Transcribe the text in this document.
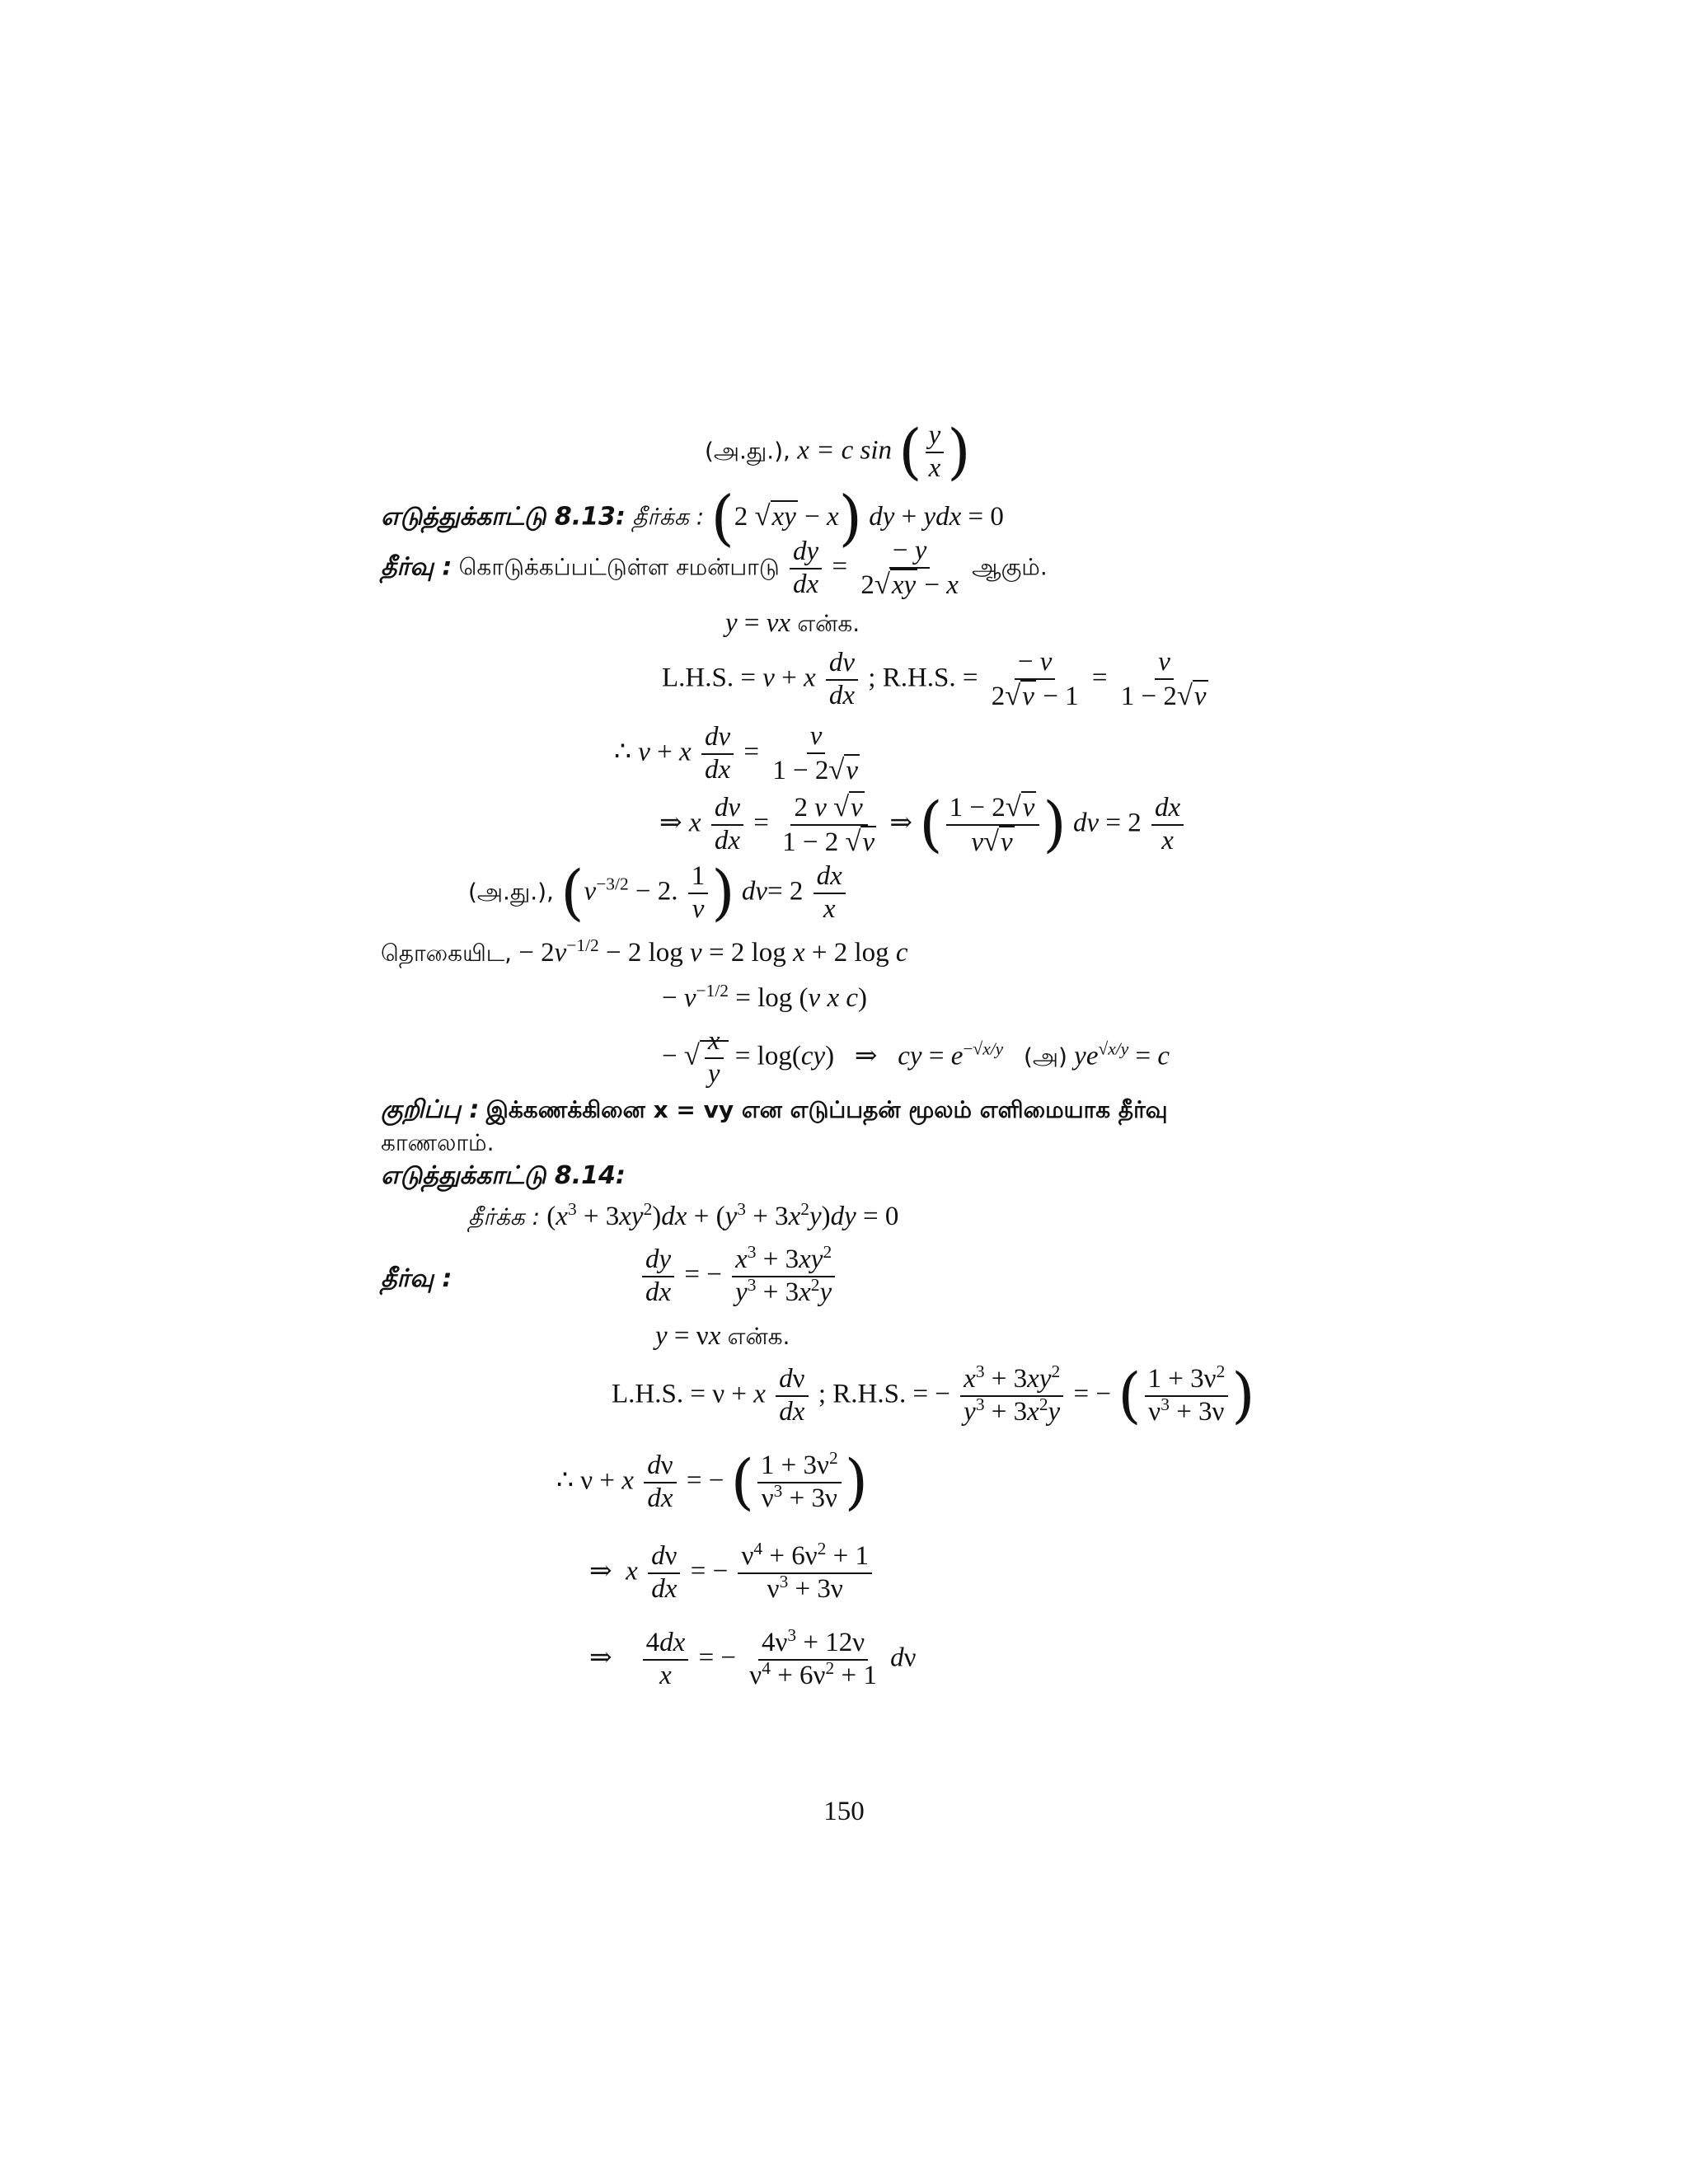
(அ.து.), x = c sin ( $\frac{y}{x}$ )
எடுத்துக்காட்டு 8.13: தீர்க்க : (2 √xy − x) dy + ydx = 0
தீர்வு : கொடுக்கப்பட்டுள்ள சமன்பாடு $\frac{dy}{dx} = \frac{- y}{2√xy - x}$ ஆகும்.
y = vx என்க.
L.H.S. = v + x $\frac{dv}{dx}$ ; R.H.S. = $\frac{- v}{2√v - 1} = \frac{v}{1 - 2√v}$
∴ v + x $\frac{dv}{dx} = \frac{v}{1 - 2√v}$
⇒ x $\frac{dv}{dx} = \frac{2 v √v}{1 - 2 √v}$ ⇒ ( $\frac{1 - 2√v}{v√v}$ ) dv = $2 \frac{dx}{x}$
(அ.து.), ($v^{-3/2} - 2$. $\frac{1}{v}$ ) $dv= 2 \frac{dx}{x}$
தொகையிட, − $2v^{-1/2} - 2$ log v = 2 log x + 2 log c
− $v^{-1/2} = \log (v$ x c)
− √ $\frac{x}{y} = \log(cy)$   ⇒   cy = $e^{-√x/y}$ (அ) $ye^{√x/y} = c$
குறிப்பு : இக்கணக்கினை x = vy என எடுப்பதன் மூலம் எளிமையாக தீர்வு
காணலாம்.
எடுத்துக்காட்டு 8.14:
தீர்க்க : $(x^3 + 3xy^2)dx + (y^3 + 3x^2y)dy = 0$
தீர்வு :	$\frac{dy}{dx}$ = − $\frac{x^3 + 3xy^2}{y^3 + 3x^2y}$
y = νx என்க.
L.H.S. = ν + x $\frac{d\nu}{dx}$ ; R.H.S. = − $\frac{x^3 + 3xy^2}{y^3 + 3x^2y}$ = − ( $\frac{1 + 3\nu^2}{\nu^3 + 3\nu}$ )
∴ ν + x $\frac{d\nu}{dx}$ = − ( $\frac{1 + 3\nu^2}{\nu^3 + 3\nu}$ )
⇒  x $\frac{d\nu}{dx}$ = − $\frac{\nu^4 + 6\nu^2 + 1}{\nu^3 + 3\nu}$
⇒ $\frac{4dx}{x}$ = − $\frac{4\nu^3 + 12\nu}{\nu^4 + 6\nu^2 + 1}$ dν
150
